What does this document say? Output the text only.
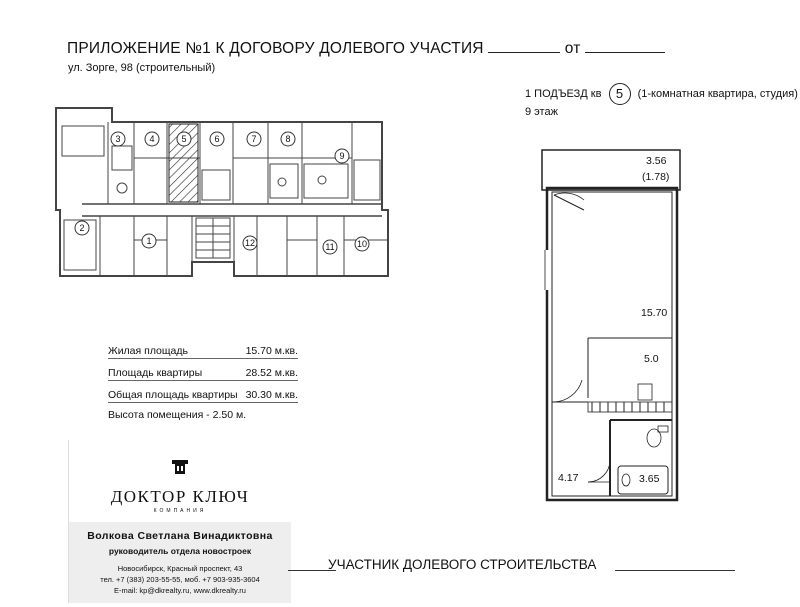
ПРИЛОЖЕНИЕ №1 К ДОГОВОРУ ДОЛЕВОГО УЧАСТИЯ	от
ул. Зорге, 98 (строительный)
1 ПОДЪЕЗД кв 5 (1-комнатная квартира, студия)
9 этаж
3	4	5	6	7	8
9
2
1	12	11 10
3.56
(1.78)
15.70
5.0
4.17	3.65
Жилая площадь	15.70 м.кв.
Площадь квартиры	28.52 м.кв.
Общая площадь квартиры 30.30 м.кв.
Высота помещения - 2.50 м.
ДОКТОР КЛЮЧ
КОМПАНИЯ
Волкова Светлана Винадиктовна
руководитель отдела новостроек
Новосибирск, Красный проспект, 43
тел. +7 (383) 203-55-55, моб. +7 903-935-3604
E-mail: kp@dkrealty.ru, www.dkrealty.ru
УЧАСТНИК ДОЛЕВОГО СТРОИТЕЛЬСТВА
